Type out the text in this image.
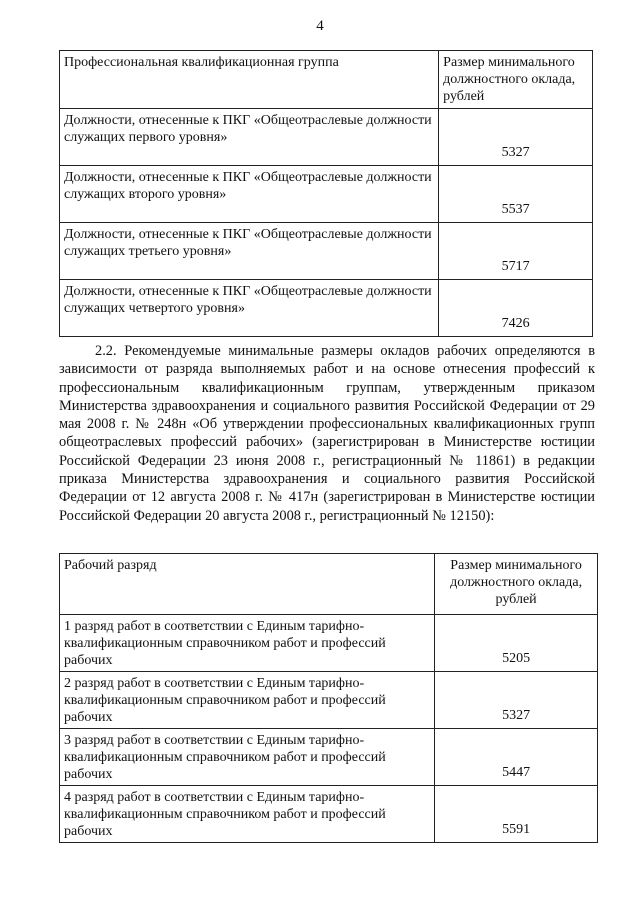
4
Профессиональная квалификационная группа	Размер минимального должностного оклада, рублей
Должности, отнесенные к ПКГ «Общеотраслевые должности служащих первого уровня»	5327
Должности, отнесенные к ПКГ «Общеотраслевые должности служащих второго уровня»	5537
Должности, отнесенные к ПКГ «Общеотраслевые должности служащих третьего уровня»	5717
Должности, отнесенные к ПКГ «Общеотраслевые должности служащих четвертого уровня»	7426

2.2. Рекомендуемые минимальные размеры окладов рабочих определяются в зависимости от разряда выполняемых работ и на основе отнесения профессий к профессиональным квалификационным группам, утвержденным приказом Министерства здравоохранения и социального развития Российской Федерации от 29 мая 2008 г. № 248н «Об утверждении профессиональных квалификационных групп общеотраслевых профессий рабочих» (зарегистрирован в Министерстве юстиции Российской Федерации 23 июня 2008 г., регистрационный № 11861) в редакции приказа Министерства здравоохранения и социального развития Российской Федерации от 12 августа 2008 г. № 417н (зарегистрирован в Министерстве юстиции Российской Федерации 20 августа 2008 г., регистрационный № 12150):

Рабочий разряд	Размер минимального должностного оклада, рублей
1 разряд работ в соответствии с Единым тарифно-квалификационным справочником работ и профессий рабочих	5205
2 разряд работ в соответствии с Единым тарифно-квалификационным справочником работ и профессий рабочих	5327
3 разряд работ в соответствии с Единым тарифно-квалификационным справочником работ и профессий рабочих	5447
4 разряд работ в соответствии с Единым тарифно-квалификационным справочником работ и профессий рабочих	5591
